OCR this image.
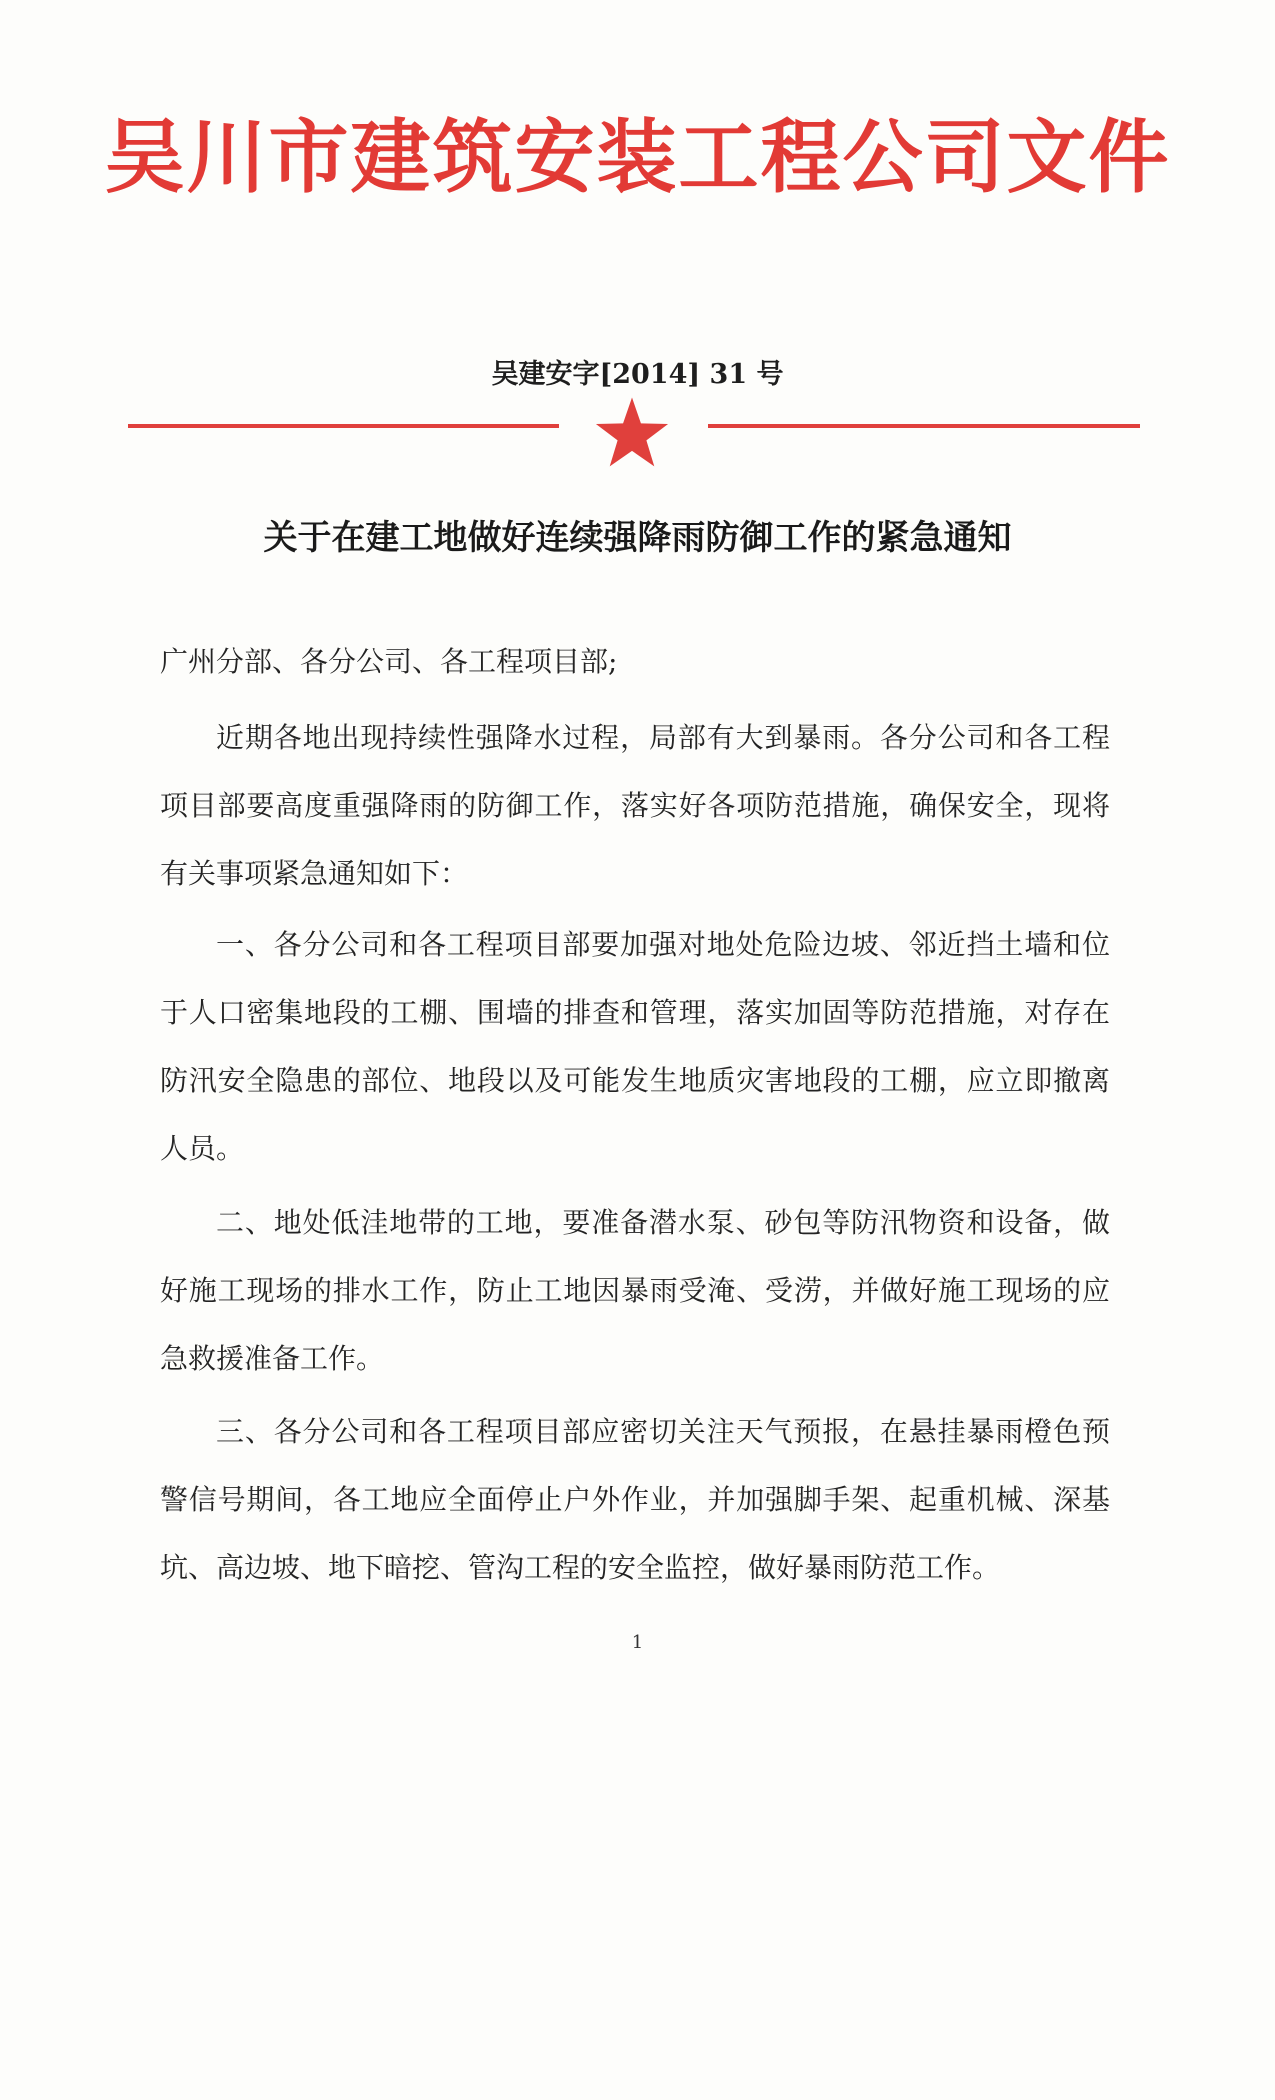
吴川市建筑安装工程公司文件
吴建安字[2014] 31 号
关于在建工地做好连续强降雨防御工作的紧急通知
广州分部、各分公司、各工程项目部;
近期各地出现持续性强降水过程，局部有大到暴雨。各分公司和各工程项目部要高度重强降雨的防御工作，落实好各项防范措施，确保安全，现将有关事项紧急通知如下：
一、各分公司和各工程项目部要加强对地处危险边坡、邻近挡土墙和位于人口密集地段的工棚、围墙的排查和管理，落实加固等防范措施，对存在防汛安全隐患的部位、地段以及可能发生地质灾害地段的工棚，应立即撤离人员。
二、地处低洼地带的工地，要准备潜水泵、砂包等防汛物资和设备，做好施工现场的排水工作，防止工地因暴雨受淹、受涝，并做好施工现场的应急救援准备工作。
三、各分公司和各工程项目部应密切关注天气预报，在悬挂暴雨橙色预警信号期间，各工地应全面停止户外作业，并加强脚手架、起重机械、深基坑、高边坡、地下暗挖、管沟工程的安全监控，做好暴雨防范工作。
1
